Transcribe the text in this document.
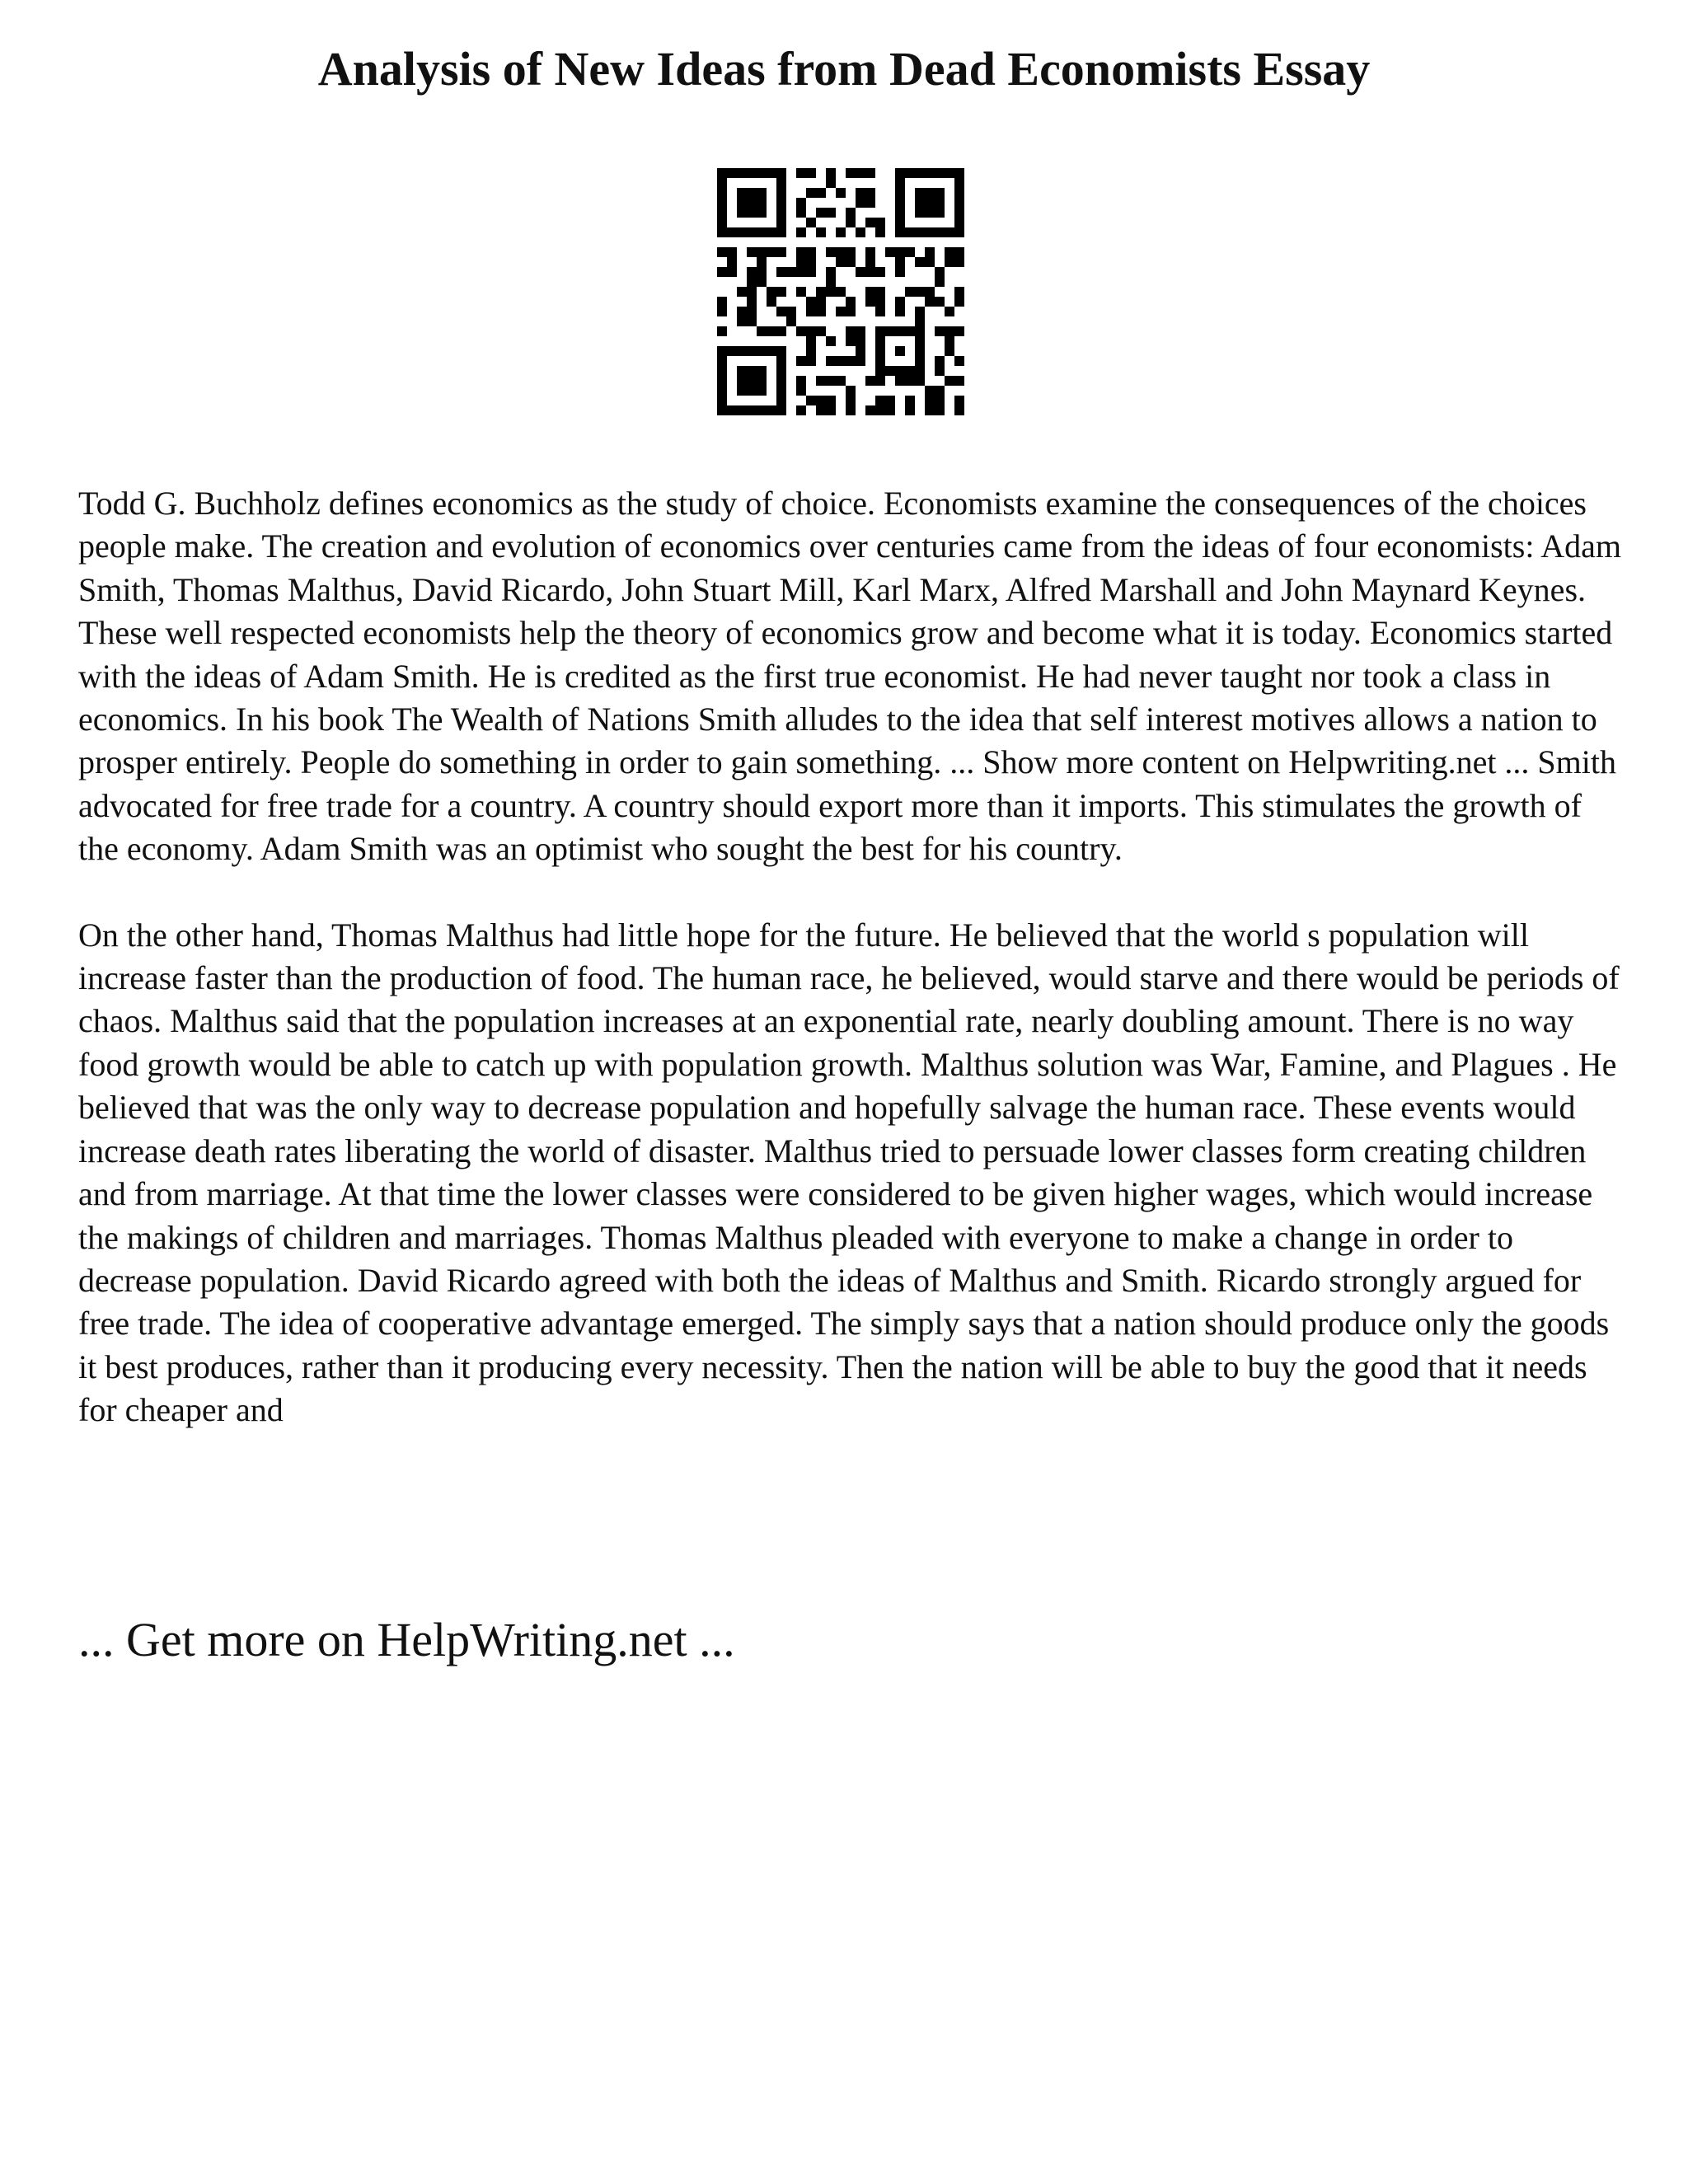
Analysis of New Ideas from Dead Economists Essay

Todd G. Buchholz defines economics as the study of choice. Economists examine the consequences of the choices people make. The creation and evolution of economics over centuries came from the ideas of four economists: Adam Smith, Thomas Malthus, David Ricardo, John Stuart Mill, Karl Marx, Alfred Marshall and John Maynard Keynes. These well respected economists help the theory of economics grow and become what it is today. Economics started with the ideas of Adam Smith. He is credited as the first true economist. He had never taught nor took a class in economics. In his book The Wealth of Nations Smith alludes to the idea that self interest motives allows a nation to prosper entirely. People do something in order to gain something. ... Show more content on Helpwriting.net ... Smith advocated for free trade for a country. A country should export more than it imports. This stimulates the growth of the economy. Adam Smith was an optimist who sought the best for his country.

On the other hand, Thomas Malthus had little hope for the future. He believed that the world s population will increase faster than the production of food. The human race, he believed, would starve and there would be periods of chaos. Malthus said that the population increases at an exponential rate, nearly doubling amount. There is no way food growth would be able to catch up with population growth. Malthus solution was War, Famine, and Plagues . He believed that was the only way to decrease population and hopefully salvage the human race. These events would increase death rates liberating the world of disaster. Malthus tried to persuade lower classes form creating children and from marriage. At that time the lower classes were considered to be given higher wages, which would increase the makings of children and marriages. Thomas Malthus pleaded with everyone to make a change in order to decrease population. David Ricardo agreed with both the ideas of Malthus and Smith. Ricardo strongly argued for free trade. The idea of cooperative advantage emerged. The simply says that a nation should produce only the goods it best produces, rather than it producing every necessity. Then the nation will be able to buy the good that it needs for cheaper and

... Get more on HelpWriting.net ...
